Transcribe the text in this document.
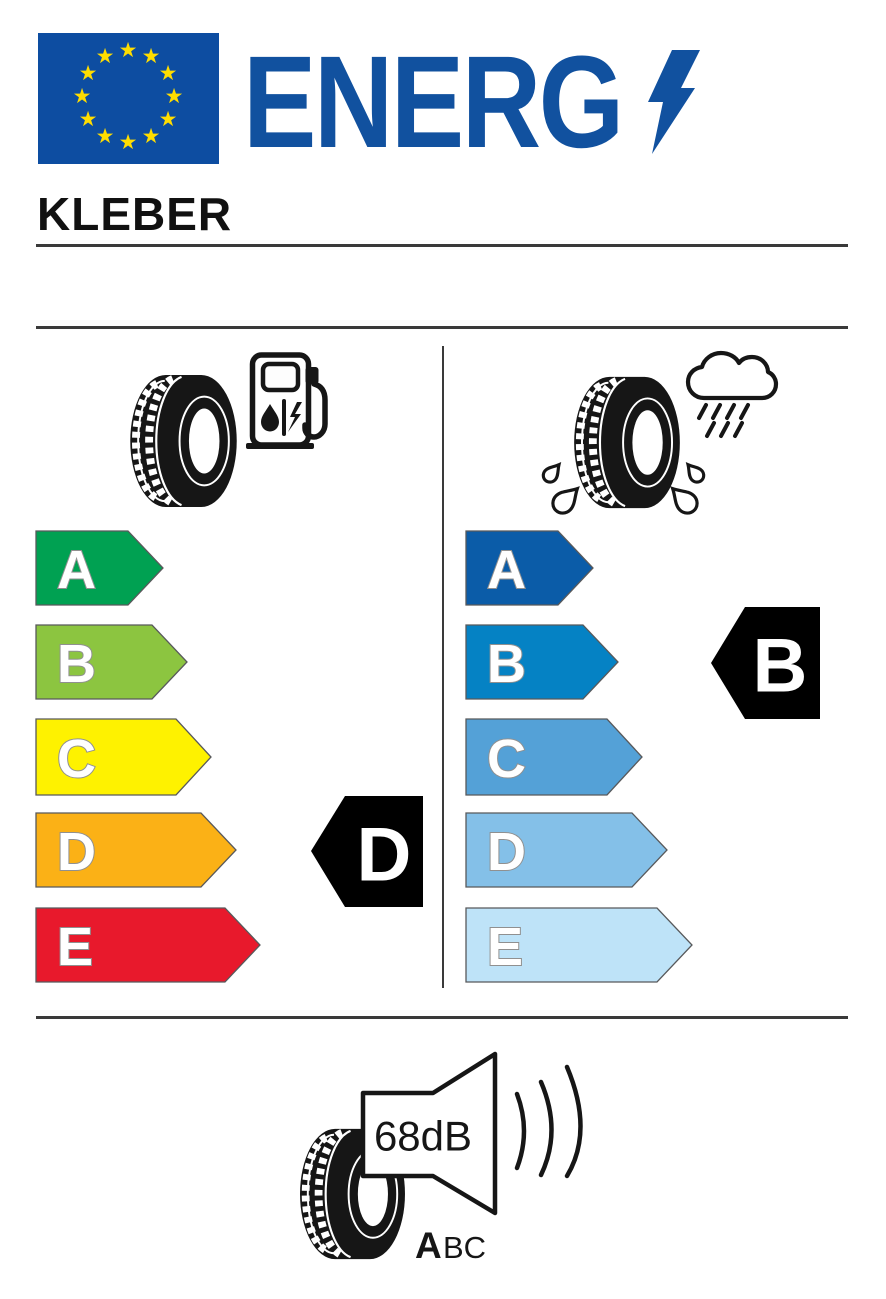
★ ★
★
★
★
★
★
★
★
★
★
★ ENERG
KLEBER
A
B
C
D
E
A
B
C
D
E
D
B
68dB
A BC
